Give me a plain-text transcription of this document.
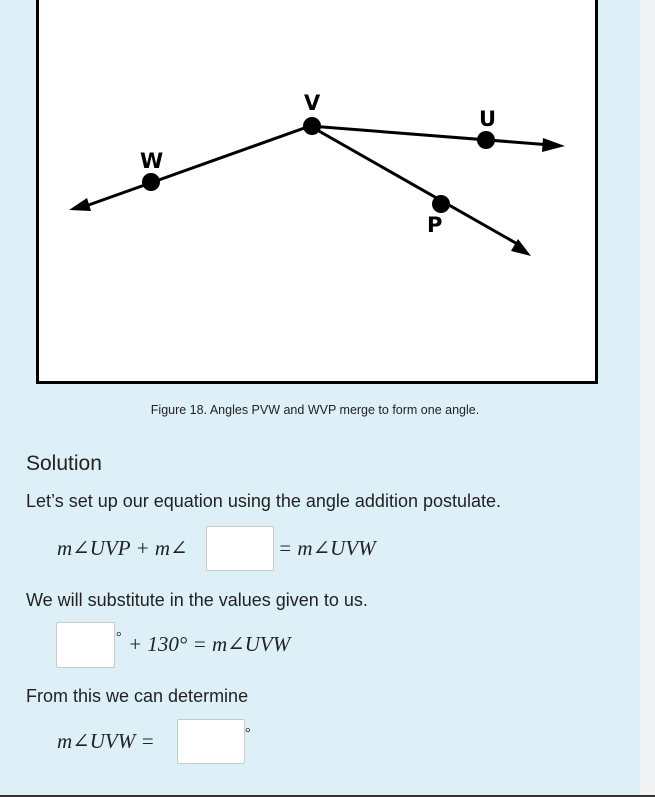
W
V
U
P
Figure 18. Angles PVW and WVP merge to form one angle.
Solution
Let’s set up our equation using the angle addition postulate.
m∠UVP + m∠	= m∠UVW
We will substitute in the values given to us.
° + 130° = m∠UVW
From this we can determine
m∠UVW =	°
